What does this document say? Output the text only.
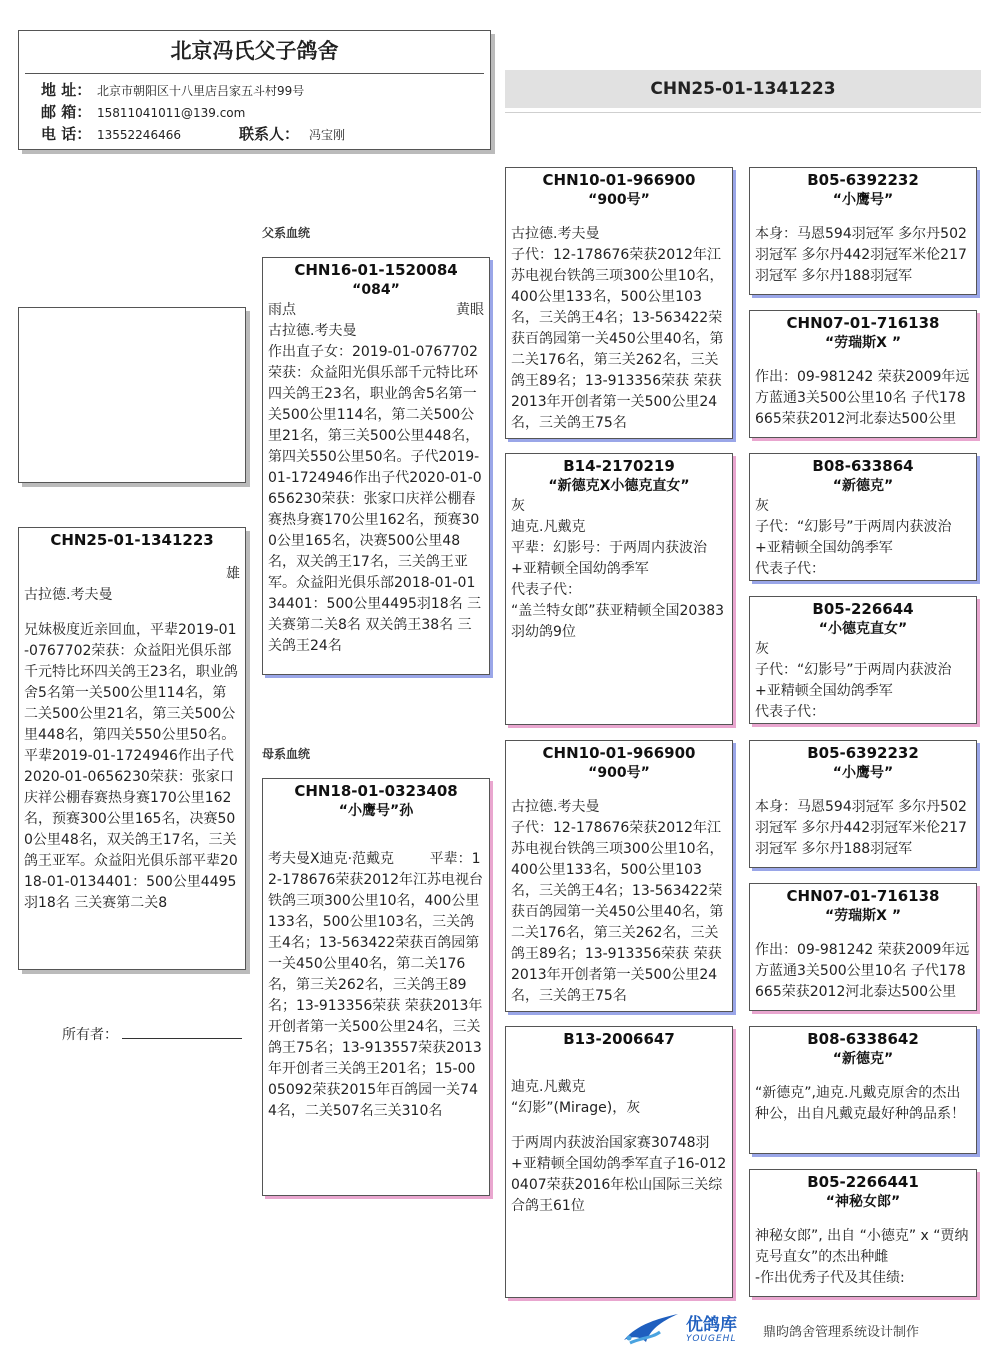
北京冯氏父子鸽舍
地 址： 北京市朝阳区十八里店吕家五斗村99号
邮 箱： 15811041011@139.com
电 话： 13552246466	联系人： 冯宝刚
CHN25-01-1341223
CHN25-01-1341223
雄
古拉德.考夫曼
兄妹极度近亲回血，平辈2019-01-0767702荣获：众益阳光俱乐部千元特比环四关鸽王23名，职业鸽舍5名第一关500公里114名，第二关500公里21名，第三关500公里448名，第四关550公里50名。平辈2019-01-1724946作出子代2020-01-0656230荣获：张家口庆祥公棚春赛热身赛170公里162名，预赛300公里165名，决赛500公里48名，双关鸽王17名，三关鸽王亚军。众益阳光俱乐部平辈2018-01-0134401：500公里4495羽18名 三关赛第二关8
所有者：
父系血统
母系血统
CHN16-01-1520084
“084”
雨点	黄眼
古拉德.考夫曼
作出直子女：2019-01-0767702荣获：众益阳光俱乐部千元特比环四关鸽王23名，职业鸽舍5名第一关500公里114名，第二关500公里21名，第三关500公里448名，第四关550公里50名。子代2019-01-1724946作出子代2020-01-0656230荣获：张家口庆祥公棚春赛热身赛170公里162名，预赛300公里165名，决赛500公里48名，双关鸽王17名，三关鸽王亚军。众益阳光俱乐部2018-01-0134401：500公里4495羽18名 三关赛第二关8名 双关鸽王38名 三关鸽王24名
CHN18-01-0323408
“小鹰号”孙
考夫曼X迪克·范戴克        平辈：12-178676荣获2012年江苏电视台铁鸽三项300公里10名，400公里133名，500公里103名，三关鸽王4名；13-563422荣获百鸽园第一关450公里40名，第二关176名，第三关262名，三关鸽王89名；13-913356荣获 荣获2013年开创者第一关500公里24名，三关鸽王75名；13-913557荣获2013年开创者三关鸽王201名；15-0005092荣获2015年百鸽园一关744名，二关507名三关310名
CHN10-01-966900
“900号”
古拉德.考夫曼
子代：12-178676荣获2012年江苏电视台铁鸽三项300公里10名，400公里133名，500公里103名，三关鸽王4名；13-563422荣获百鸽园第一关450公里40名，第二关176名，第三关262名，三关鸽王89名；13-913356荣获 荣获2013年开创者第一关500公里24名，三关鸽王75名
B14-2170219
“新德克X小德克直女”
灰
迪克.凡戴克
平辈：幻影号：于两周内获波治+亚精顿全国幼鸽季军
代表子代：
“盖兰特女郎”获亚精顿全国20383羽幼鸽9位
CHN10-01-966900
“900号”
古拉德.考夫曼
子代：12-178676荣获2012年江苏电视台铁鸽三项300公里10名，400公里133名，500公里103名，三关鸽王4名；13-563422荣获百鸽园第一关450公里40名，第二关176名，第三关262名，三关鸽王89名；13-913356荣获 荣获2013年开创者第一关500公里24名，三关鸽王75名
B13-2006647
迪克.凡戴克
“幻影”(Mirage)，灰
于两周内获波治国家赛30748羽+亚精顿全国幼鸽季军直子16-0120407荣获2016年松山国际三关综合鸽王61位
B05-6392232
“小鹰号”
本身：马恩594羽冠军 多尔丹502羽冠军 多尔丹442羽冠军米伦217羽冠军 多尔丹188羽冠军
CHN07-01-716138
“劳瑞斯X ”
作出：09-981242 荣获2009年远方蓝通3关500公里10名 子代178665荣获2012河北泰达500公里
B08-633864
“新德克”
灰
子代：“幻影号”于两周内获波治+亚精顿全国幼鸽季军
代表子代：
B05-226644
“小德克直女”
灰
子代：“幻影号”于两周内获波治+亚精顿全国幼鸽季军
代表子代：
B05-6392232
“小鹰号”
本身：马恩594羽冠军 多尔丹502羽冠军 多尔丹442羽冠军米伦217羽冠军 多尔丹188羽冠军
CHN07-01-716138
“劳瑞斯X ”
作出：09-981242 荣获2009年远方蓝通3关500公里10名 子代178665荣获2012河北泰达500公里
B08-6338642
“新德克”
“新德克”,迪克.凡戴克原舍的杰出种公，出自凡戴克最好种鸽品系！
B05-2266441
“神秘女郎”
神秘女郎”, 出自 “小德克” x “贾纳克号直女”的杰出种雌
-作出优秀子代及其佳绩:
优鸽库
YOUGEHL 鼎昀鸽舍管理系统设计制作
